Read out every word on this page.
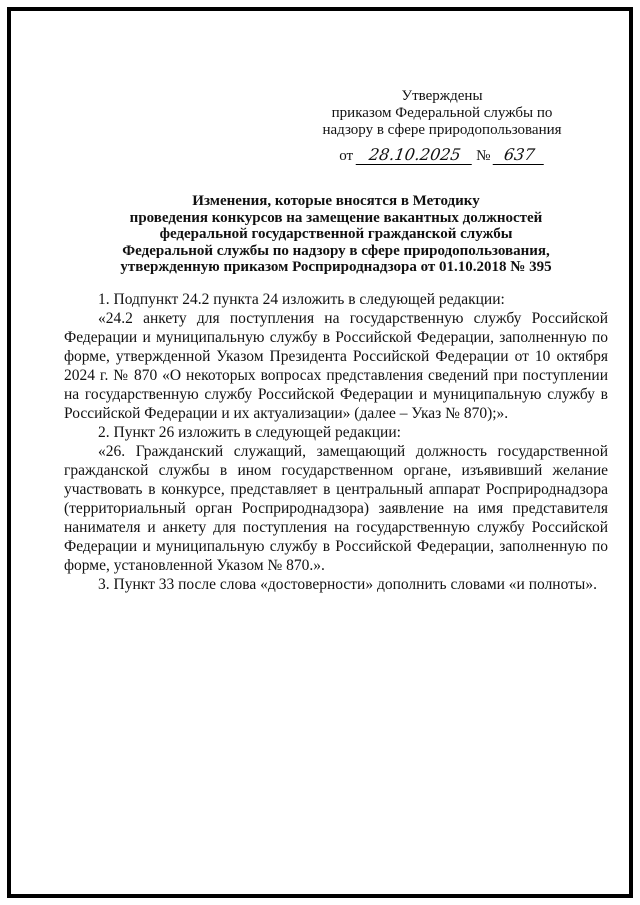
Утверждены
приказом Федеральной службы по
надзору в сфере природопользования
от 28.10.2025 № 637
Изменения, которые вносятся в Методику
проведения конкурсов на замещение вакантных должностей
федеральной государственной гражданской службы
Федеральной службы по надзору в сфере природопользования,
утвержденную приказом Росприроднадзора от 01.10.2018 № 395

1. Подпункт 24.2 пункта 24 изложить в следующей редакции:

«24.2 анкету для поступления на государственную службу Российской Федерации и муниципальную службу в Российской Федерации, заполненную по форме, утвержденной Указом Президента Российской Федерации от 10 октября 2024 г. № 870 «О некоторых вопросах представления сведений при поступлении на государственную службу Российской Федерации и муниципальную службу в Российской Федерации и их актуализации» (далее – Указ № 870);».

2. Пункт 26 изложить в следующей редакции:

«26. Гражданский служащий, замещающий должность государственной гражданской службы в ином государственном органе, изъявивший желание участвовать в конкурсе, представляет в центральный аппарат Росприроднадзора (территориальный орган Росприроднадзора) заявление на имя представителя нанимателя и анкету для поступления на государственную службу Российской Федерации и муниципальную службу в Российской Федерации, заполненную по форме, установленной Указом № 870.».

3. Пункт 33 после слова «достоверности» дополнить словами «и полноты».
